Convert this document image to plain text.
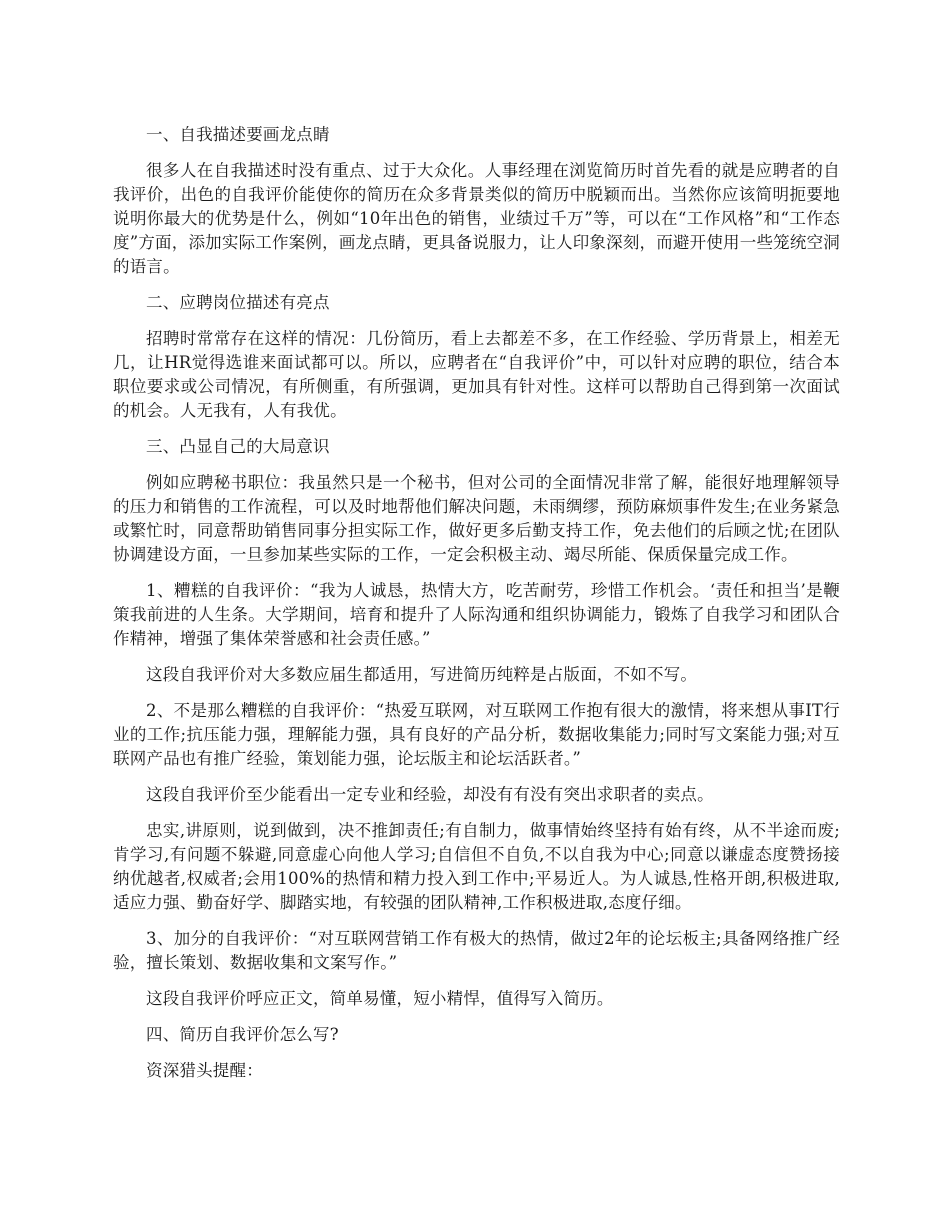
一、自我描述要画龙点睛

很多人在自我描述时没有重点、过于大众化。人事经理在浏览简历时首先看的就是应聘者的自我评价，出色的自我评价能使你的简历在众多背景类似的简历中脱颖而出。当然你应该简明扼要地说明你最大的优势是什么，例如“10年出色的销售，业绩过千万”等，可以在“工作风格”和“工作态度”方面，添加实际工作案例，画龙点睛，更具备说服力，让人印象深刻，而避开使用一些笼统空洞的语言。

二、应聘岗位描述有亮点

招聘时常常存在这样的情况：几份简历，看上去都差不多，在工作经验、学历背景上，相差无几，让HR觉得选谁来面试都可以。所以，应聘者在“自我评价”中，可以针对应聘的职位，结合本职位要求或公司情况，有所侧重，有所强调，更加具有针对性。这样可以帮助自己得到第一次面试的机会。人无我有，人有我优。

三、凸显自己的大局意识

例如应聘秘书职位：我虽然只是一个秘书，但对公司的全面情况非常了解，能很好地理解领导的压力和销售的工作流程，可以及时地帮他们解决问题，未雨绸缪，预防麻烦事件发生;在业务紧急或繁忙时，同意帮助销售同事分担实际工作，做好更多后勤支持工作，免去他们的后顾之忧;在团队协调建设方面，一旦参加某些实际的工作，一定会积极主动、竭尽所能、保质保量完成工作。

1、糟糕的自我评价：“我为人诚恳，热情大方，吃苦耐劳，珍惜工作机会。‘责任和担当’是鞭策我前进的人生条。大学期间，培育和提升了人际沟通和组织协调能力，锻炼了自我学习和团队合作精神，增强了集体荣誉感和社会责任感。”

这段自我评价对大多数应届生都适用，写进简历纯粹是占版面，不如不写。

2、不是那么糟糕的自我评价：“热爱互联网，对互联网工作抱有很大的激情，将来想从事IT行业的工作;抗压能力强，理解能力强，具有良好的产品分析，数据收集能力;同时写文案能力强;对互联网产品也有推广经验，策划能力强，论坛版主和论坛活跃者。”

这段自我评价至少能看出一定专业和经验，却没有有没有突出求职者的卖点。

忠实,讲原则，说到做到，决不推卸责任;有自制力，做事情始终坚持有始有终，从不半途而废;肯学习,有问题不躲避,同意虚心向他人学习;自信但不自负,不以自我为中心;同意以谦虚态度赞扬接纳优越者,权威者;会用100%的热情和精力投入到工作中;平易近人。为人诚恳,性格开朗,积极进取,适应力强、勤奋好学、脚踏实地，有较强的团队精神,工作积极进取,态度仔细。

3、加分的自我评价：“对互联网营销工作有极大的热情，做过2年的论坛板主;具备网络推广经验，擅长策划、数据收集和文案写作。”

这段自我评价呼应正文，简单易懂，短小精悍，值得写入简历。

四、简历自我评价怎么写?

资深猎头提醒：
